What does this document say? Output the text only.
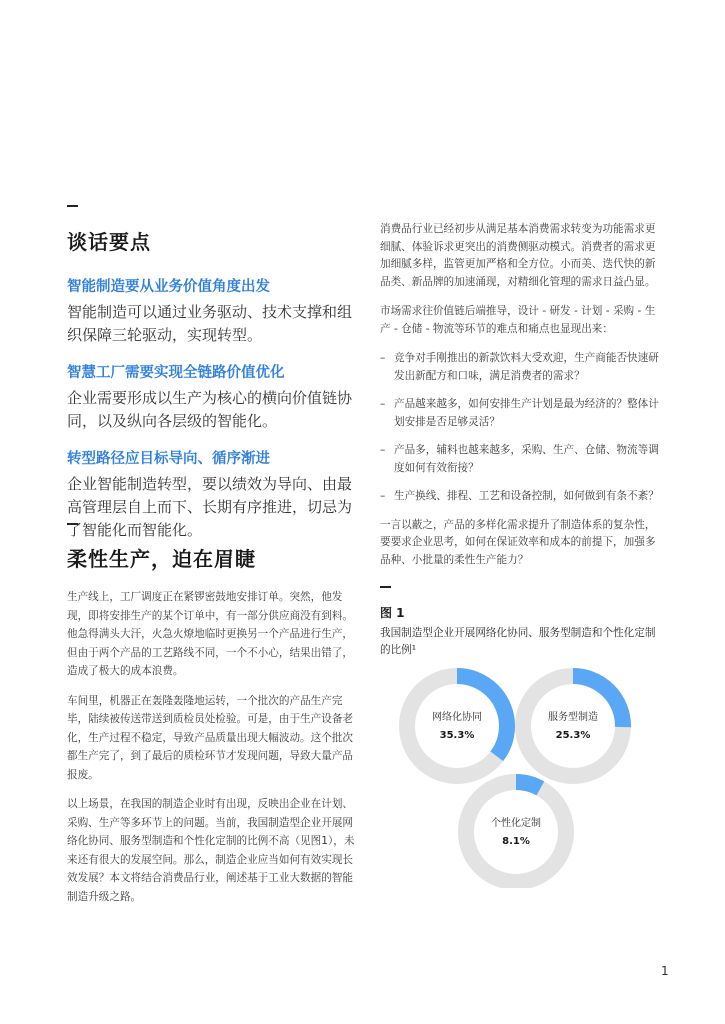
谈话要点
智能制造要从业务价值角度出发

智能制造可以通过业务驱动、技术支撑和组织保障三轮驱动，实现转型。

智慧工厂需要实现全链路价值优化

企业需要形成以生产为核心的横向价值链协同，以及纵向各层级的智能化。

转型路径应目标导向、循序渐进

企业智能制造转型，要以绩效为导向、由最高管理层自上而下、长期有序推进，切忌为了智能化而智能化。

柔性生产，迫在眉睫

生产线上，工厂调度正在紧锣密鼓地安排订单。突然，他发现，即将安排生产的某个订单中，有一部分供应商没有到料。他急得满头大汗，火急火燎地临时更换另一个产品进行生产，但由于两个产品的工艺路线不同，一个不小心，结果出错了，造成了极大的成本浪费。

车间里，机器正在轰隆轰隆地运转，一个批次的产品生产完毕，陆续被传送带送到质检员处检验。可是，由于生产设备老化，生产过程不稳定，导致产品质量出现大幅波动。这个批次都生产完了，到了最后的质检环节才发现问题，导致大量产品报废。

以上场景，在我国的制造企业时有出现，反映出企业在计划、采购、生产等多环节上的问题。当前，我国制造型企业开展网络化协同、服务型制造和个性化定制的比例不高（见图1），未来还有很大的发展空间。那么，制造企业应当如何有效实现长效发展？本文将结合消费品行业，阐述基于工业大数据的智能制造升级之路。

消费品行业已经初步从满足基本消费需求转变为功能需求更细腻、体验诉求更突出的消费侧驱动模式。消费者的需求更加细腻多样，监管更加严格和全方位。小而美、迭代快的新品类、新品牌的加速涌现，对精细化管理的需求日益凸显。

市场需求往价值链后端推导，设计 - 研发 - 计划 - 采购 - 生产 - 仓储 - 物流等环节的难点和痛点也显现出来：

– 竞争对手刚推出的新款饮料大受欢迎，生产商能否快速研发出新配方和口味，满足消费者的需求？
– 产品越来越多，如何安排生产计划是最为经济的？整体计划安排是否足够灵活？
– 产品多，辅料也越来越多，采购、生产、仓储、物流等调度如何有效衔接？
– 生产换线、排程、工艺和设备控制，如何做到有条不紊？

一言以蔽之，产品的多样化需求提升了制造体系的复杂性，要要求企业思考，如何在保证效率和成本的前提下，加强多品种、小批量的柔性生产能力？

图 1

我国制造型企业开展网络化协同、服务型制造和个性化定制的比例¹

网络化协同
35.3%
服务型制造
25.3%
个性化定制
8.1%
1
